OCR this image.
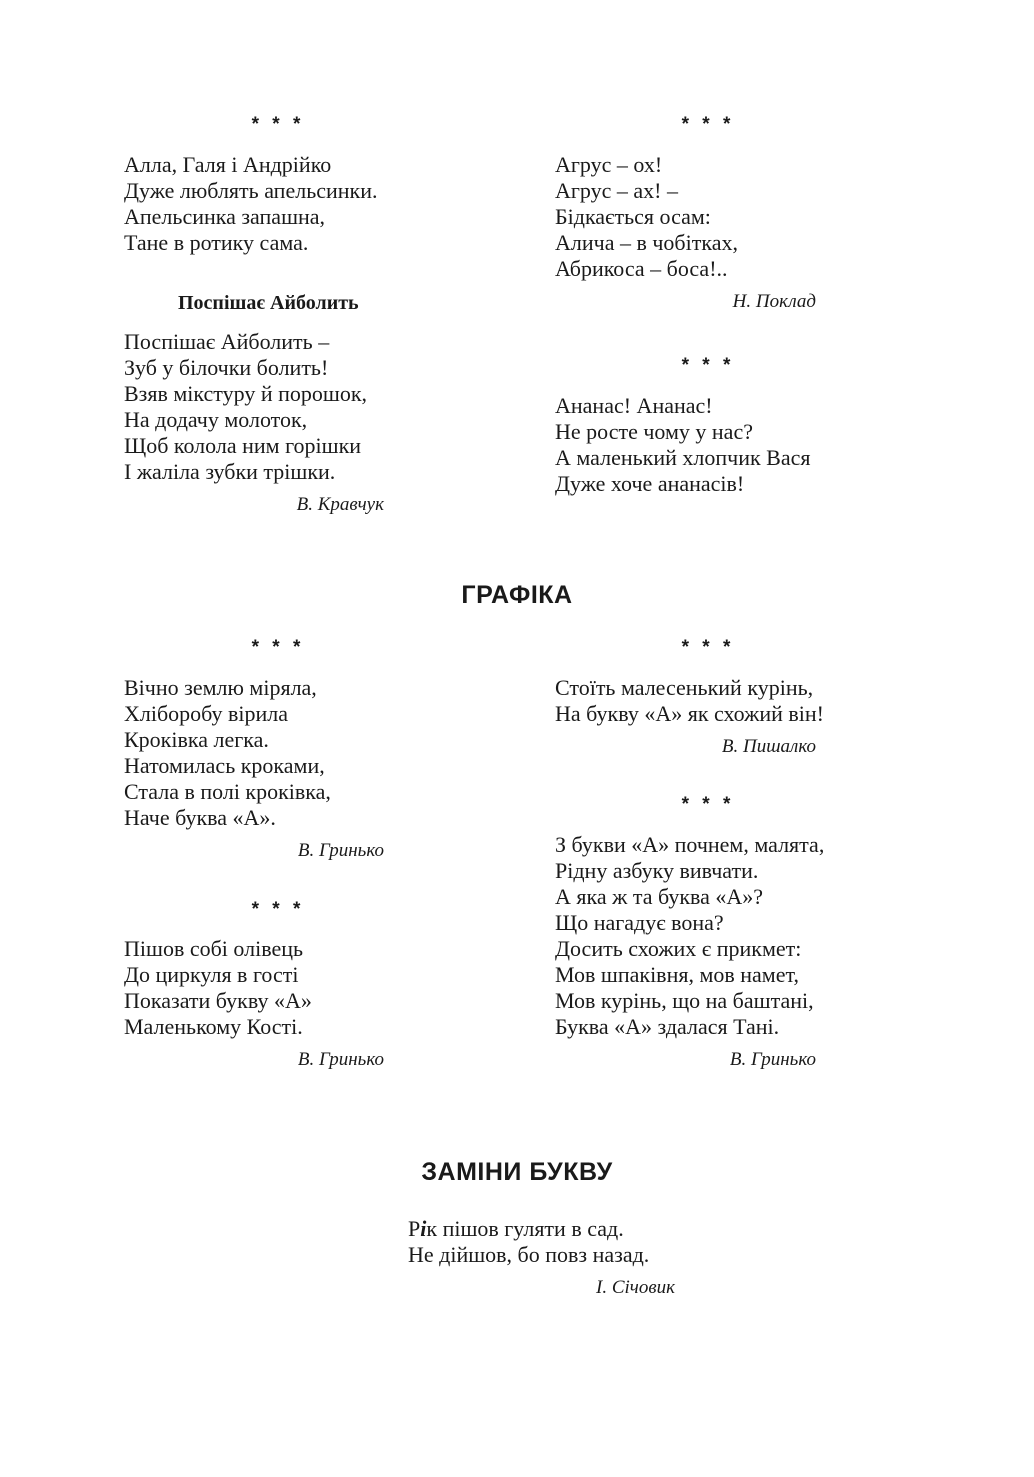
* * *
Алла, Галя і Андрійко
Дуже люблять апельсинки.
Апельсинка запашна,
Тане в ротику сама.
Поспішає Айболить
Поспішає Айболить –
Зуб у білочки болить!
Взяв мікстуру й порошок,
На додачу молоток,
Щоб колола ним горішки
І жаліла зубки трішки.
В. Кравчук
* * *
Агрус – ох!
Агрус – ах! –
Бідкається осам:
Алича – в чобітках,
Абрикоса – боса!..
Н. Поклад
* * *
Ананас! Ананас!
Не росте чому у нас?
А маленький хлопчик Вася
Дуже хоче ананасів!
ГРАФІКА
* * *
Вічно землю міряла,
Хліборобу вірила
Кроківка легка.
Натомилась кроками,
Стала в полі кроківка,
Наче буква «А».
В. Гринько
* * *
Пішов собі олівець
До циркуля в гості
Показати букву «А»
Маленькому Кості.
В. Гринько
* * *
Стоїть малесенький курінь,
На букву «А» як схожий він!
В. Пишалко
* * *
З букви «А» почнем, малята,
Рідну азбуку вивчати.
А яка ж та буква «А»?
Що нагадує вона?
Досить схожих є прикмет:
Мов шпаківня, мов намет,
Мов курінь, що на баштані,
Буква «А» здалася Тані.
В. Гринько
ЗАМІНИ БУКВУ
Рік пішов гуляти в сад.
Не дійшов, бо повз назад.
І. Січовик
